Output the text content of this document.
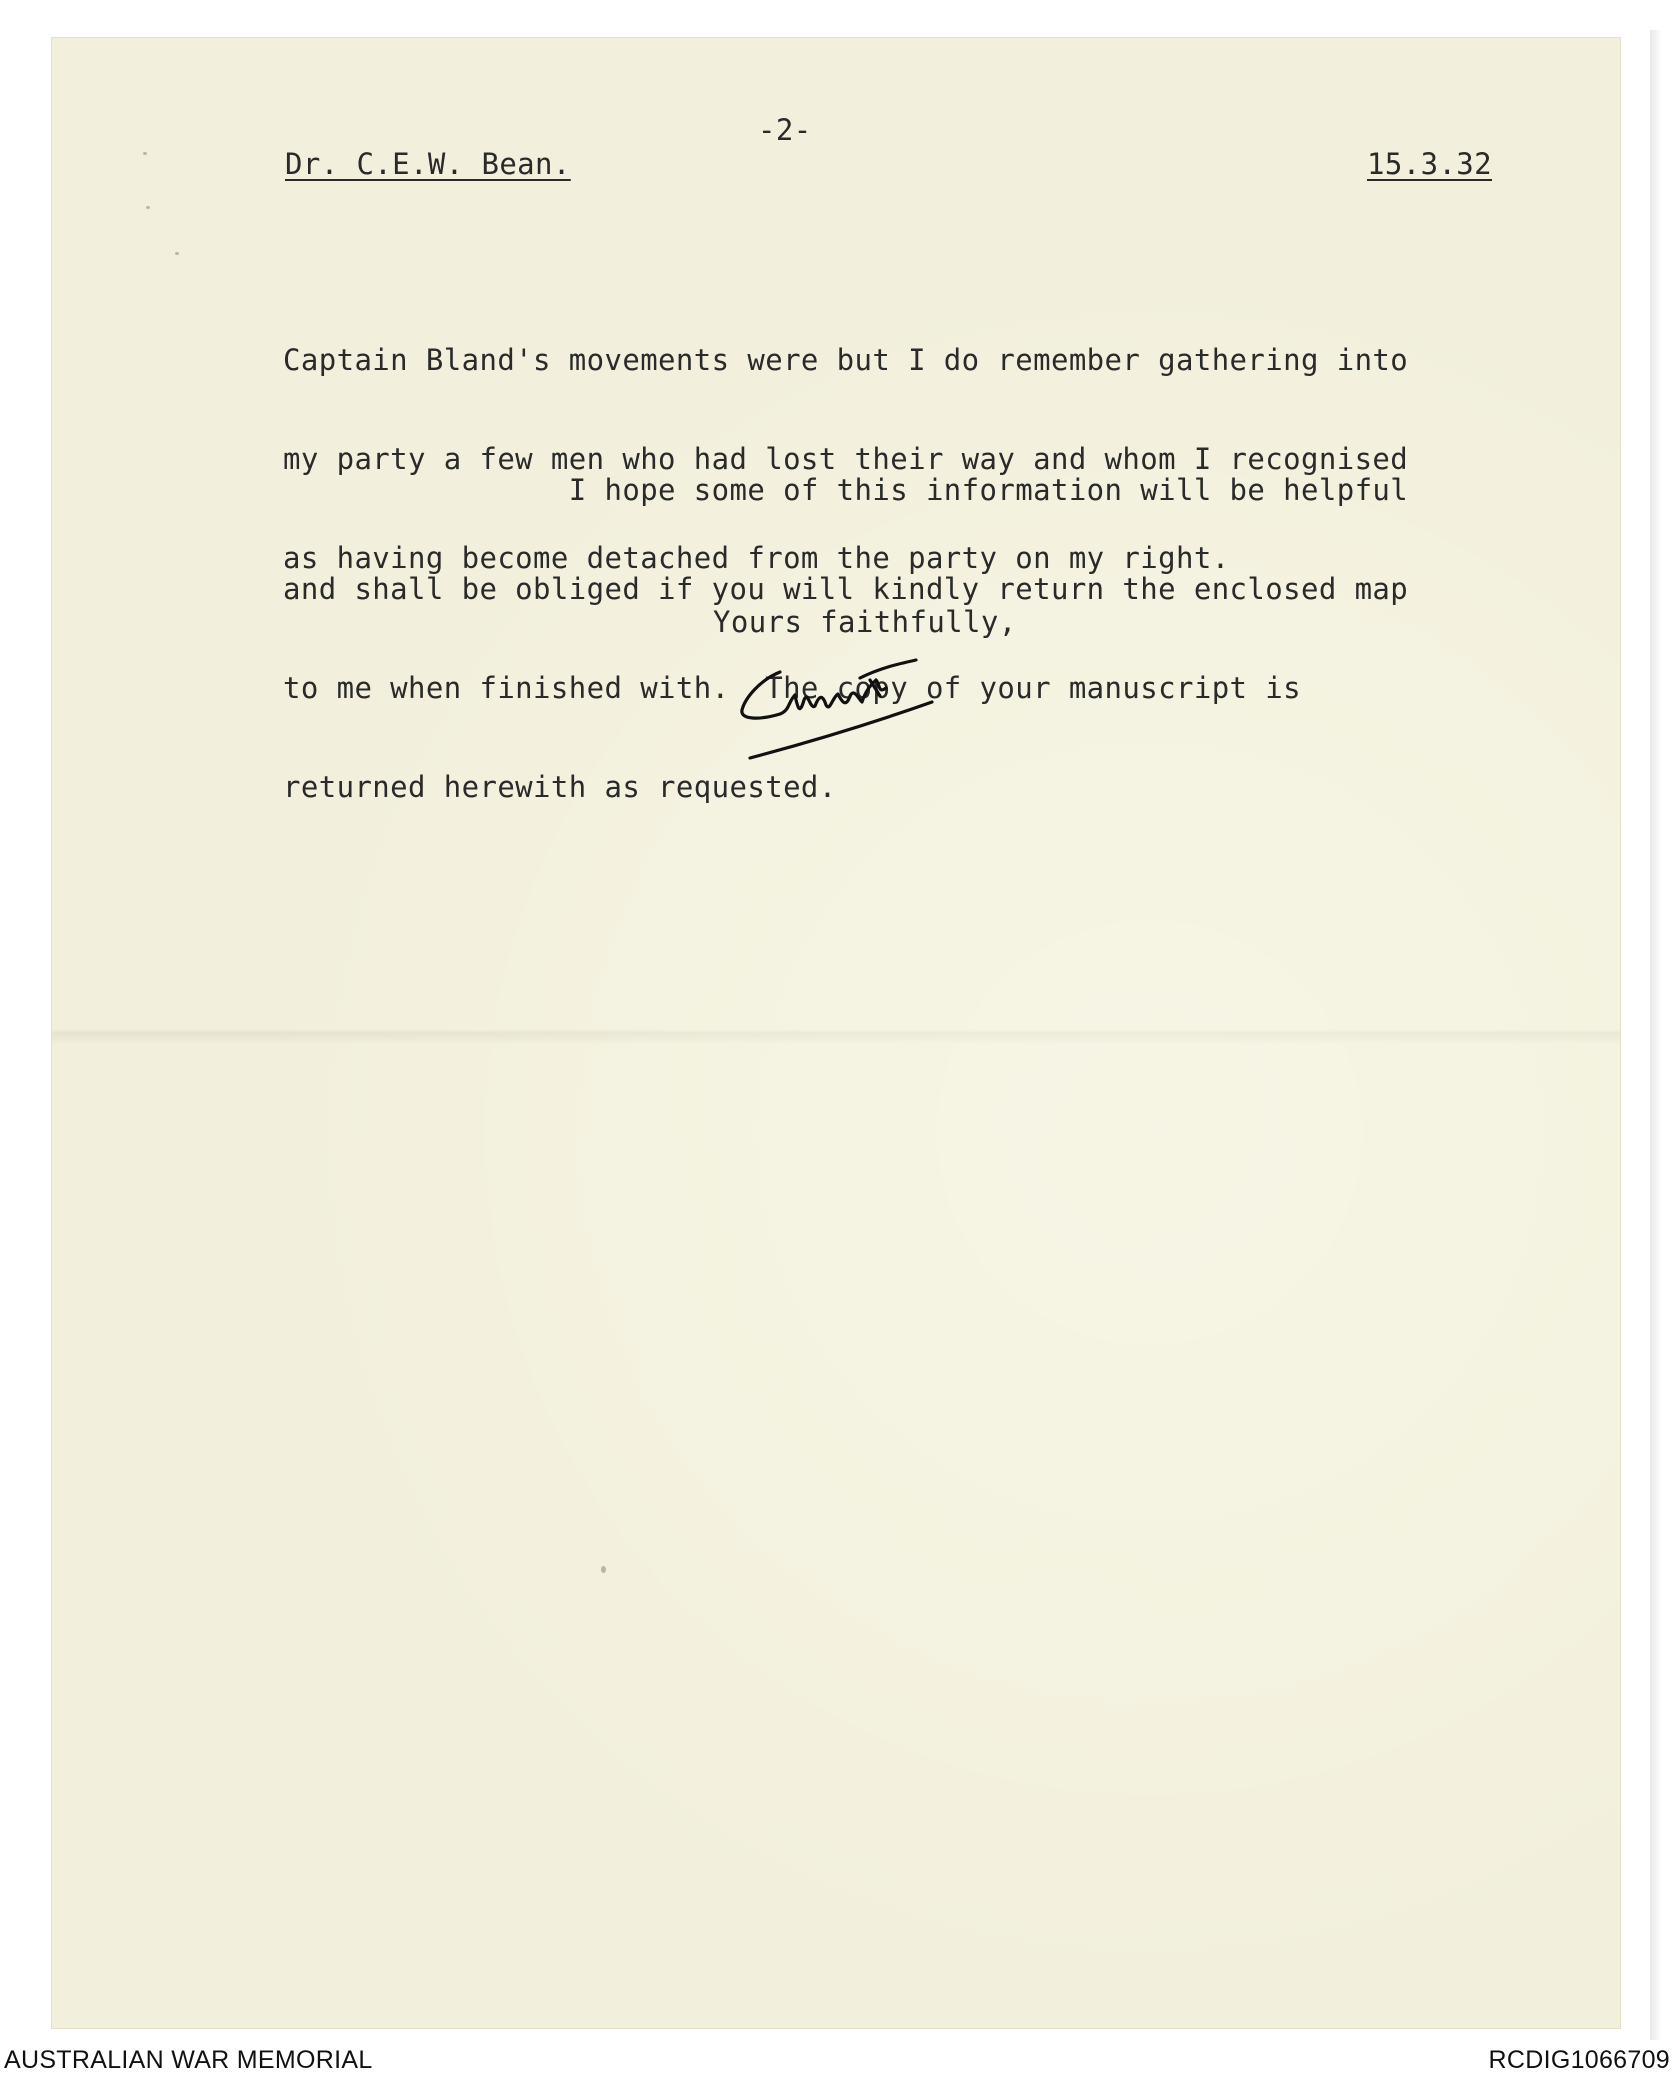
-2-
Dr. C.E.W. Bean.	15.3.32

Captain Bland's movements were but I do remember gathering into

my party a few men who had lost their way and whom I recognised

as having become detached from the party on my right.

I hope some of this information will be helpful

and shall be obliged if you will kindly return the enclosed map

to me when finished with.  The copy of your manuscript is

returned herewith as requested.

Yours faithfully,
AUSTRALIAN WAR MEMORIAL	RCDIG1066709
